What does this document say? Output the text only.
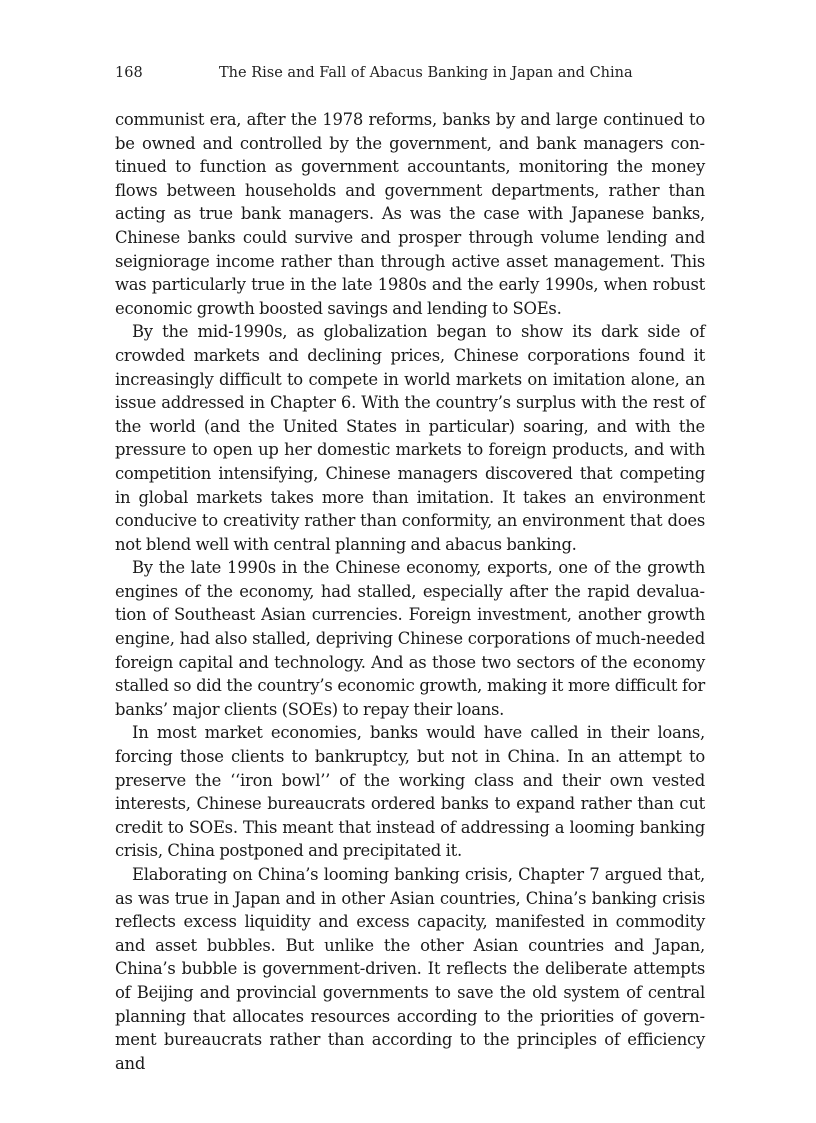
168	The Rise and Fall of Abacus Banking in Japan and China

communist era, after the 1978 reforms, banks by and large continued to be owned and controlled by the government, and bank managers continued to function as government accountants, monitoring the money flows between households and government departments, rather than acting as true bank managers. As was the case with Japanese banks, Chinese banks could survive and prosper through volume lending and seigniorage income rather than through active asset management. This was particularly true in the late 1980s and the early 1990s, when robust economic growth boosted savings and lending to SOEs.

By the mid-1990s, as globalization began to show its dark side of crowded markets and declining prices, Chinese corporations found it increasingly difficult to compete in world markets on imitation alone, an issue addressed in Chapter 6. With the country’s surplus with the rest of the world (and the United States in particular) soaring, and with the pressure to open up her domestic markets to foreign products, and with competition intensifying, Chinese managers discovered that competing in global markets takes more than imitation. It takes an environment conducive to creativity rather than conformity, an environment that does not blend well with central planning and abacus banking.

By the late 1990s in the Chinese economy, exports, one of the growth engines of the economy, had stalled, especially after the rapid devaluation of Southeast Asian currencies. Foreign investment, another growth engine, had also stalled, depriving Chinese corporations of much-needed foreign capital and technology. And as those two sectors of the economy stalled so did the country’s economic growth, making it more difficult for banks’ major clients (SOEs) to repay their loans.

In most market economies, banks would have called in their loans, forcing those clients to bankruptcy, but not in China. In an attempt to preserve the ‘‘iron bowl’’ of the working class and their own vested interests, Chinese bureaucrats ordered banks to expand rather than cut credit to SOEs. This meant that instead of addressing a looming banking crisis, China postponed and precipitated it.

Elaborating on China’s looming banking crisis, Chapter 7 argued that, as was true in Japan and in other Asian countries, China’s banking crisis reflects excess liquidity and excess capacity, manifested in commodity and asset bubbles. But unlike the other Asian countries and Japan, China’s bubble is government-driven. It reflects the deliberate attempts of Beijing and provincial governments to save the old system of central planning that allocates resources according to the priorities of government bureaucrats rather than according to the principles of efficiency and
